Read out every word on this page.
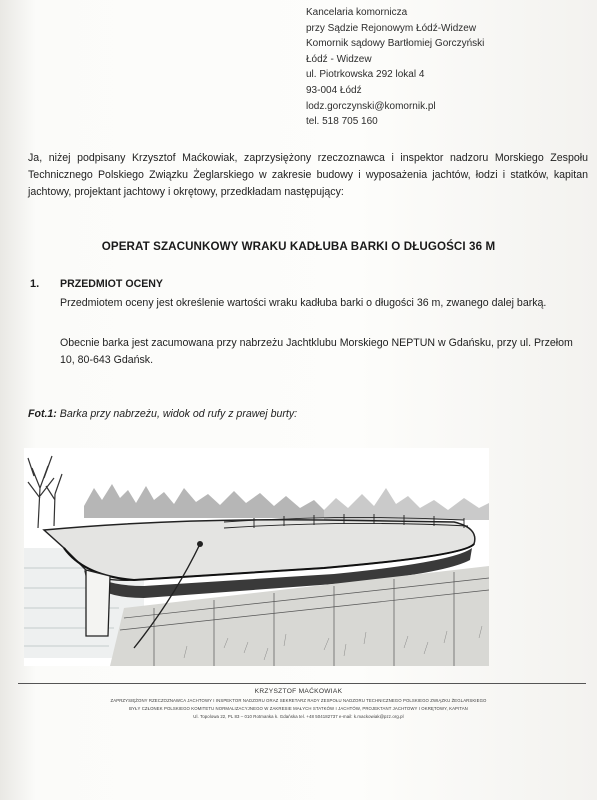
Kancelaria komornicza
przy Sądzie Rejonowym Łódź-Widzew
Komornik sądowy Bartłomiej Gorczyński
Łódź - Widzew
ul. Piotrkowska 292 lokal 4
93-004 Łódź
lodz.gorczynski@komornik.pl
tel. 518 705 160
Ja, niżej podpisany Krzysztof Maćkowiak, zaprzysiężony rzeczoznawca i inspektor nadzoru Morskiego Zespołu Technicznego Polskiego Związku Żeglarskiego w zakresie budowy i wyposażenia jachtów, łodzi i statków, kapitan jachtowy, projektant jachtowy i okrętowy, przedkładam następujący:
OPERAT SZACUNKOWY WRAKU KADŁUBA BARKI O DŁUGOŚCI 36 M
1. PRZEDMIOT OCENY
Przedmiotem oceny jest określenie wartości wraku kadłuba barki o długości 36 m, zwanego dalej barką.
Obecnie barka jest zacumowana przy nabrzeżu Jachtklubu Morskiego NEPTUN w Gdańsku, przy ul. Przełom 10, 80-643 Gdańsk.
Fot.1: Barka przy nabrzeżu, widok od rufy z prawej burty:
KRZYSZTOF MAĆKOWIAK
ZAPRZYSIĘŻONY RZECZOZNAWCA JACHTOWY I INSPEKTOR NADZORU ORAZ SEKRETARZ RADY ZESPOŁU NADZORU TECHNICZNEGO POLSKIEGO ZWIĄZKU ŻEGLARSKIEGO
BYŁY CZŁONEK POLSKIEGO KOMITETU NORMALIZACYJNEGO W ZAKRESIE MAŁYCH STATKÓW I JACHTÓW, PROJEKTANT JACHTOWY I OKRĘTOWY, KAPITAN
Ul. Topolowa 22, PL 83 – 010 Rotmanka k. Gdańska tel. +48 504182737 e-mail: k.mackowiak@pzz.org.pl
